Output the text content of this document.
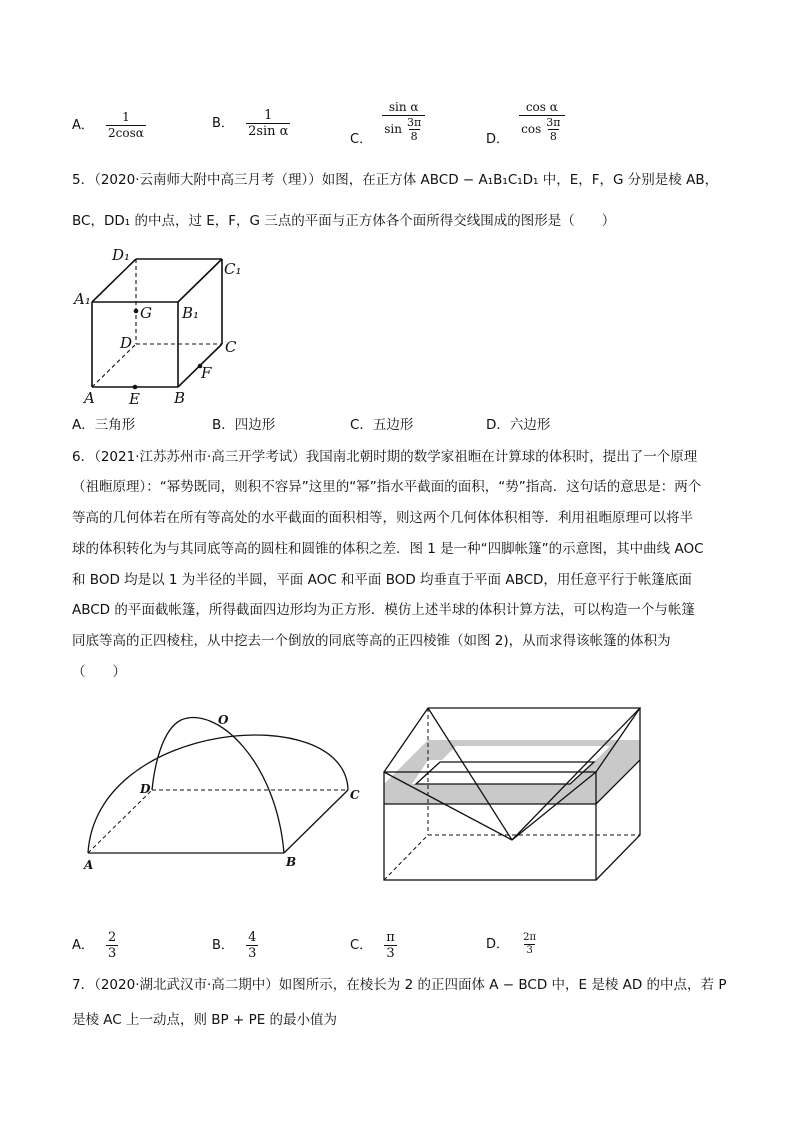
A． $\frac{1}{2\cos\alpha}$	B． $\frac{1}{\text{2sin α}}$
C． $\frac{\text{sin α}}{\sin \frac{3\pi}{8}}$	D． $\frac{\text{cos α}}{\cos \frac{3\pi}{8}}$
5．（2020·云南师大附中高三月考（理））如图，在正方体 ABCD − A₁B₁C₁D₁ 中，E，F，G 分别是棱 AB，
BC，DD₁ 的中点，过 E，F，G 三点的平面与正方体各个面所得交线围成的图形是（　　）
D₁
C₁
A₁
B₁
G
D	C
F
A E B
A．三角形	B．四边形	C．五边形	D．六边形
6．（2021·江苏苏州市·高三开学考试）我国南北朝时期的数学家祖暅在计算球的体积时，提出了一个原理
（祖暅原理）：“幂势既同，则积不容异”这里的“幂”指水平截面的面积，“势”指高．这句话的意思是：两个
等高的几何体若在所有等高处的水平截面的面积相等，则这两个几何体体积相等．利用祖暅原理可以将半
球的体积转化为与其同底等高的圆柱和圆锥的体积之差．图 1 是一种“四脚帐篷”的示意图，其中曲线 AOC
和 BOD 均是以 1 为半径的半圆，平面 AOC 和平面 BOD 均垂直于平面 ABCD，用任意平行于帐篷底面
ABCD 的平面截帐篷，所得截面四边形均为正方形．模仿上述半球的体积计算方法，可以构造一个与帐篷
同底等高的正四棱柱，从中挖去一个倒放的同底等高的正四棱锥（如图 2)，从而求得该帐篷的体积为
（　　）
O
D	C
A	B
A． $\frac{2}{3}$	B． $\frac{4}{3}$	C． $\frac{\pi}{3}$	D． $\frac{2\pi}{3}$
7．（2020·湖北武汉市·高二期中）如图所示，在棱长为 2 的正四面体 A − BCD 中，E 是棱 AD 的中点，若 P
是棱 AC 上一动点，则 BP + PE 的最小值为
